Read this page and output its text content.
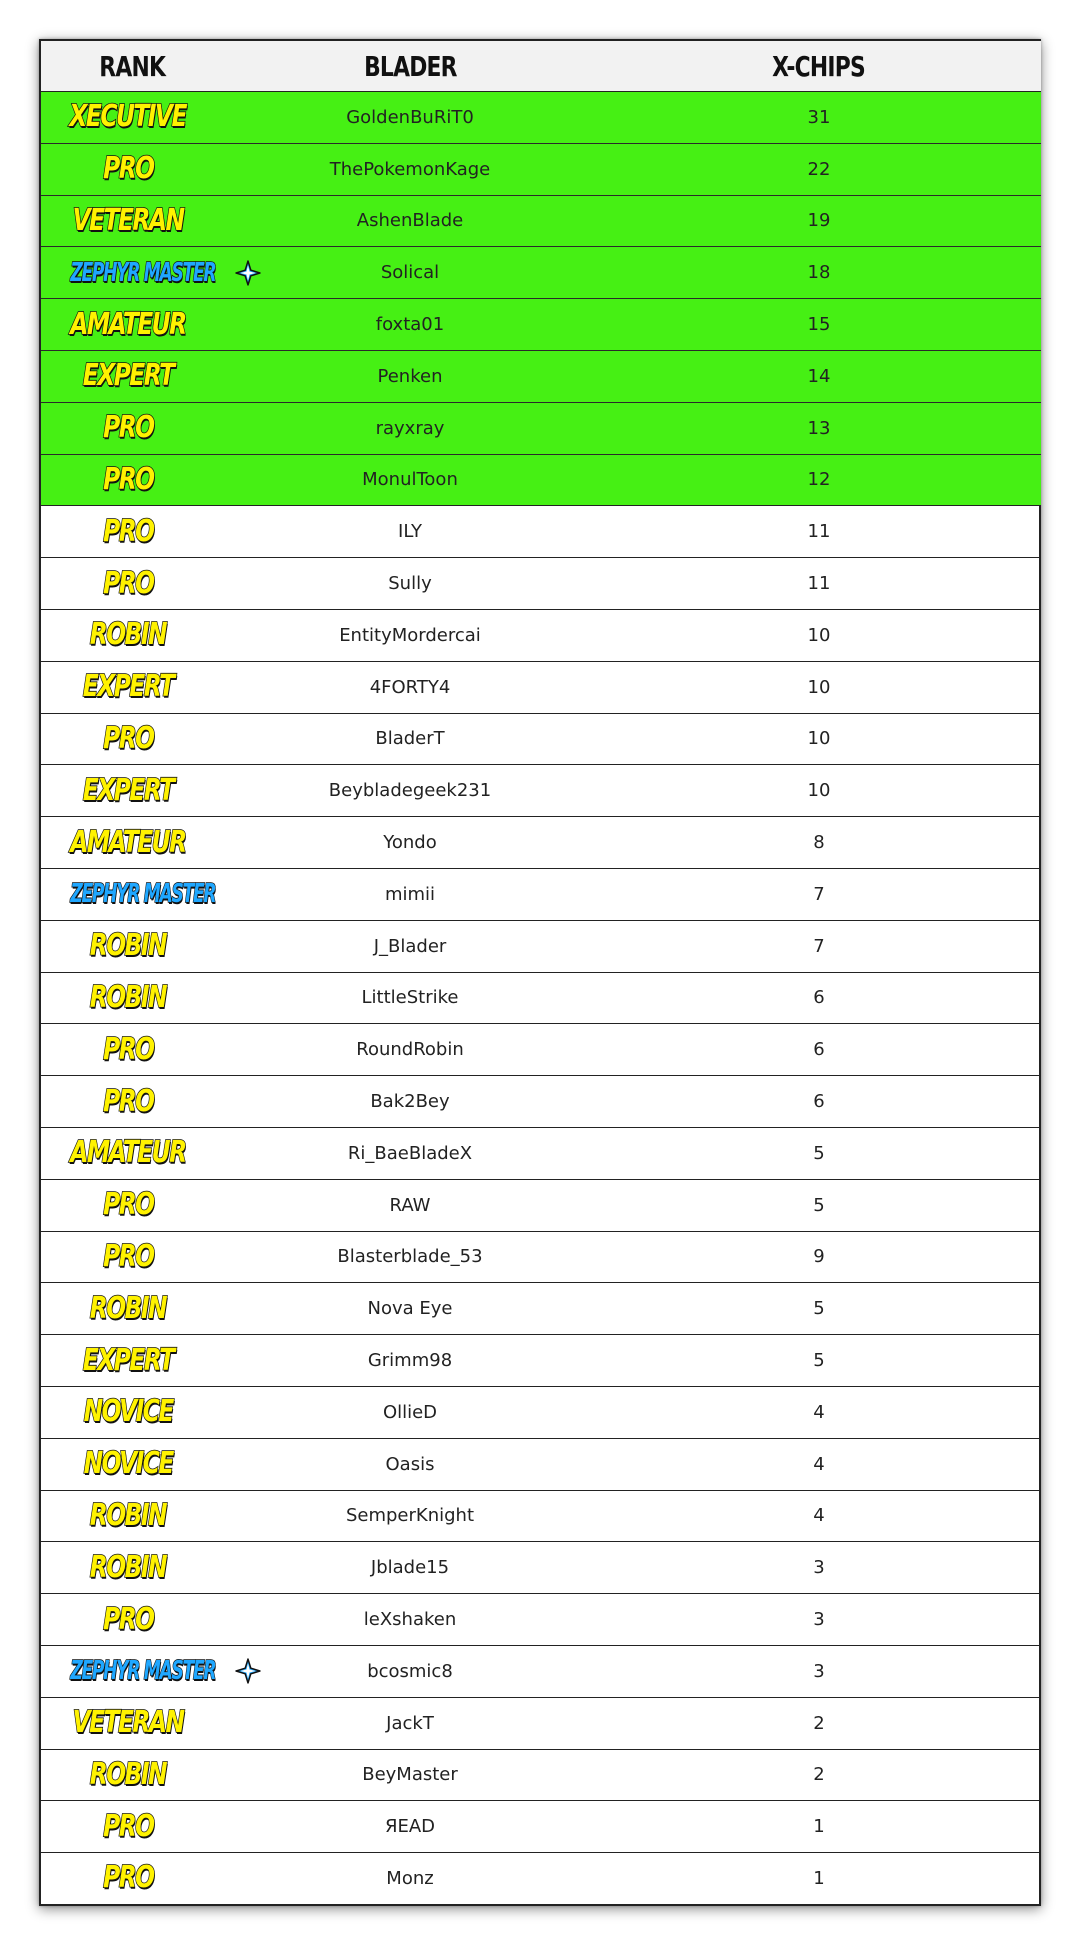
RANK	BLADER	X-CHIPS

XECUTIVE	GoldenBuRiT0	31

PRO	ThePokemonKage	22

VETERAN	AshenBlade	19

ZEPHYR MASTER	Solical	18

AMATEUR	foxta01	15

EXPERT	Penken	14

PRO	rayxray	13

PRO	MonulToon	12

PRO	ILY	11

PRO	Sully	11

ROBIN	EntityMordercai	10

EXPERT	4FORTY4	10

PRO	BladerT	10

EXPERT	Beybladegeek231	10

AMATEUR	Yondo	8

ZEPHYR MASTER	mimii	7

ROBIN	J_Blader	7

ROBIN	LittleStrike	6

PRO	RoundRobin	6

PRO	Bak2Bey	6

AMATEUR	Ri_BaeBladeX	5

PRO	RAW	5

PRO	Blasterblade_53	9

ROBIN	Nova Eye	5

EXPERT	Grimm98	5

NOVICE	OllieD	4

NOVICE	Oasis	4

ROBIN	SemperKnight	4

ROBIN	Jblade15	3

PRO	leXshaken	3

ZEPHYR MASTER	bcosmic8	3

VETERAN	JackT	2

ROBIN	BeyMaster	2

PRO	ЯEAD	1

PRO	Monz	1
